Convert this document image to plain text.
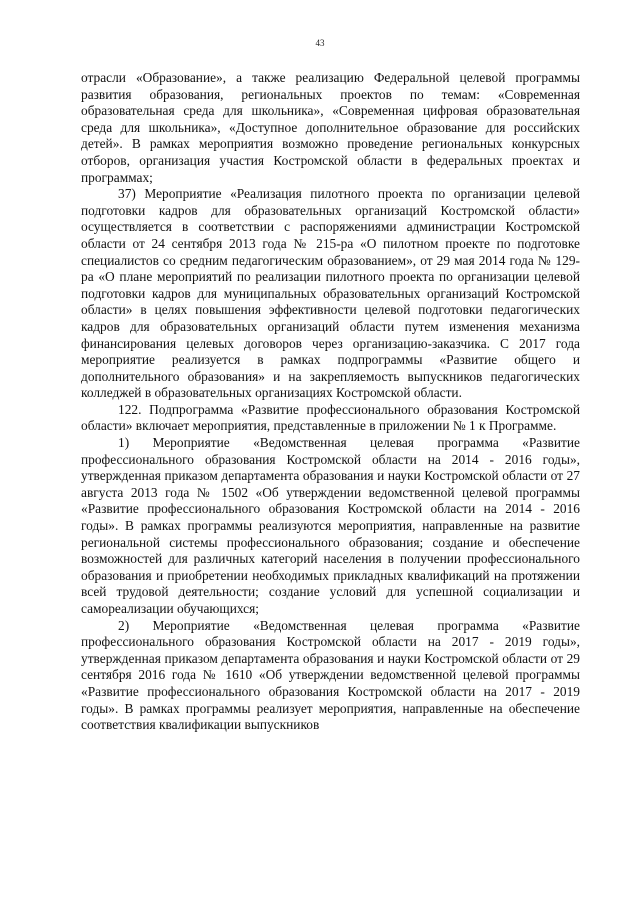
43

отрасли «Образование», а также реализацию Федеральной целевой программы развития образования, региональных проектов по темам: «Современная образовательная среда для школьника», «Современная цифровая образовательная среда для школьника», «Доступное дополнительное образование для российских детей». В рамках мероприятия возможно проведение региональных конкурсных отборов, организация участия Костромской области в федеральных проектах и программах;

37) Мероприятие «Реализация пилотного проекта по организации целевой подготовки кадров для образовательных организаций Костромской области» осуществляется в соответствии с распоряжениями администрации Костромской области от 24 сентября 2013 года № 215-ра «О пилотном проекте по подготовке специалистов со средним педагогическим образованием», от 29 мая 2014 года № 129-ра «О плане мероприятий по реализации пилотного проекта по организации целевой подготовки кадров для муниципальных образовательных организаций Костромской области» в целях повышения эффективности целевой подготовки педагогических кадров для образовательных организаций области путем изменения механизма финансирования целевых договоров через организацию-заказчика. С 2017 года мероприятие реализуется в рамках подпрограммы «Развитие общего и дополнительного образования» и на закрепляемость выпускников педагогических колледжей в образовательных организациях Костромской области.

122. Подпрограмма «Развитие профессионального образования Костромской области» включает мероприятия, представленные в приложении № 1 к Программе.

1) Мероприятие «Ведомственная целевая программа «Развитие профессионального образования Костромской области на 2014 - 2016 годы», утвержденная приказом департамента образования и науки Костромской области от 27 августа 2013 года № 1502 «Об утверждении ведомственной целевой программы «Развитие профессионального образования Костромской области на 2014 - 2016 годы». В рамках программы реализуются мероприятия, направленные на развитие региональной системы профессионального образования; создание и обеспечение возможностей для различных категорий населения в получении профессионального образования и приобретении необходимых прикладных квалификаций на протяжении всей трудовой деятельности; создание условий для успешной социализации и самореализации обучающихся;

2) Мероприятие «Ведомственная целевая программа «Развитие профессионального образования Костромской области на 2017 - 2019 годы», утвержденная приказом департамента образования и науки Костромской области от 29 сентября 2016 года № 1610 «Об утверждении ведомственной целевой программы «Развитие профессионального образования Костромской области на 2017 - 2019 годы». В рамках программы реализует мероприятия, направленные на обеспечение соответствия квалификации выпускников
